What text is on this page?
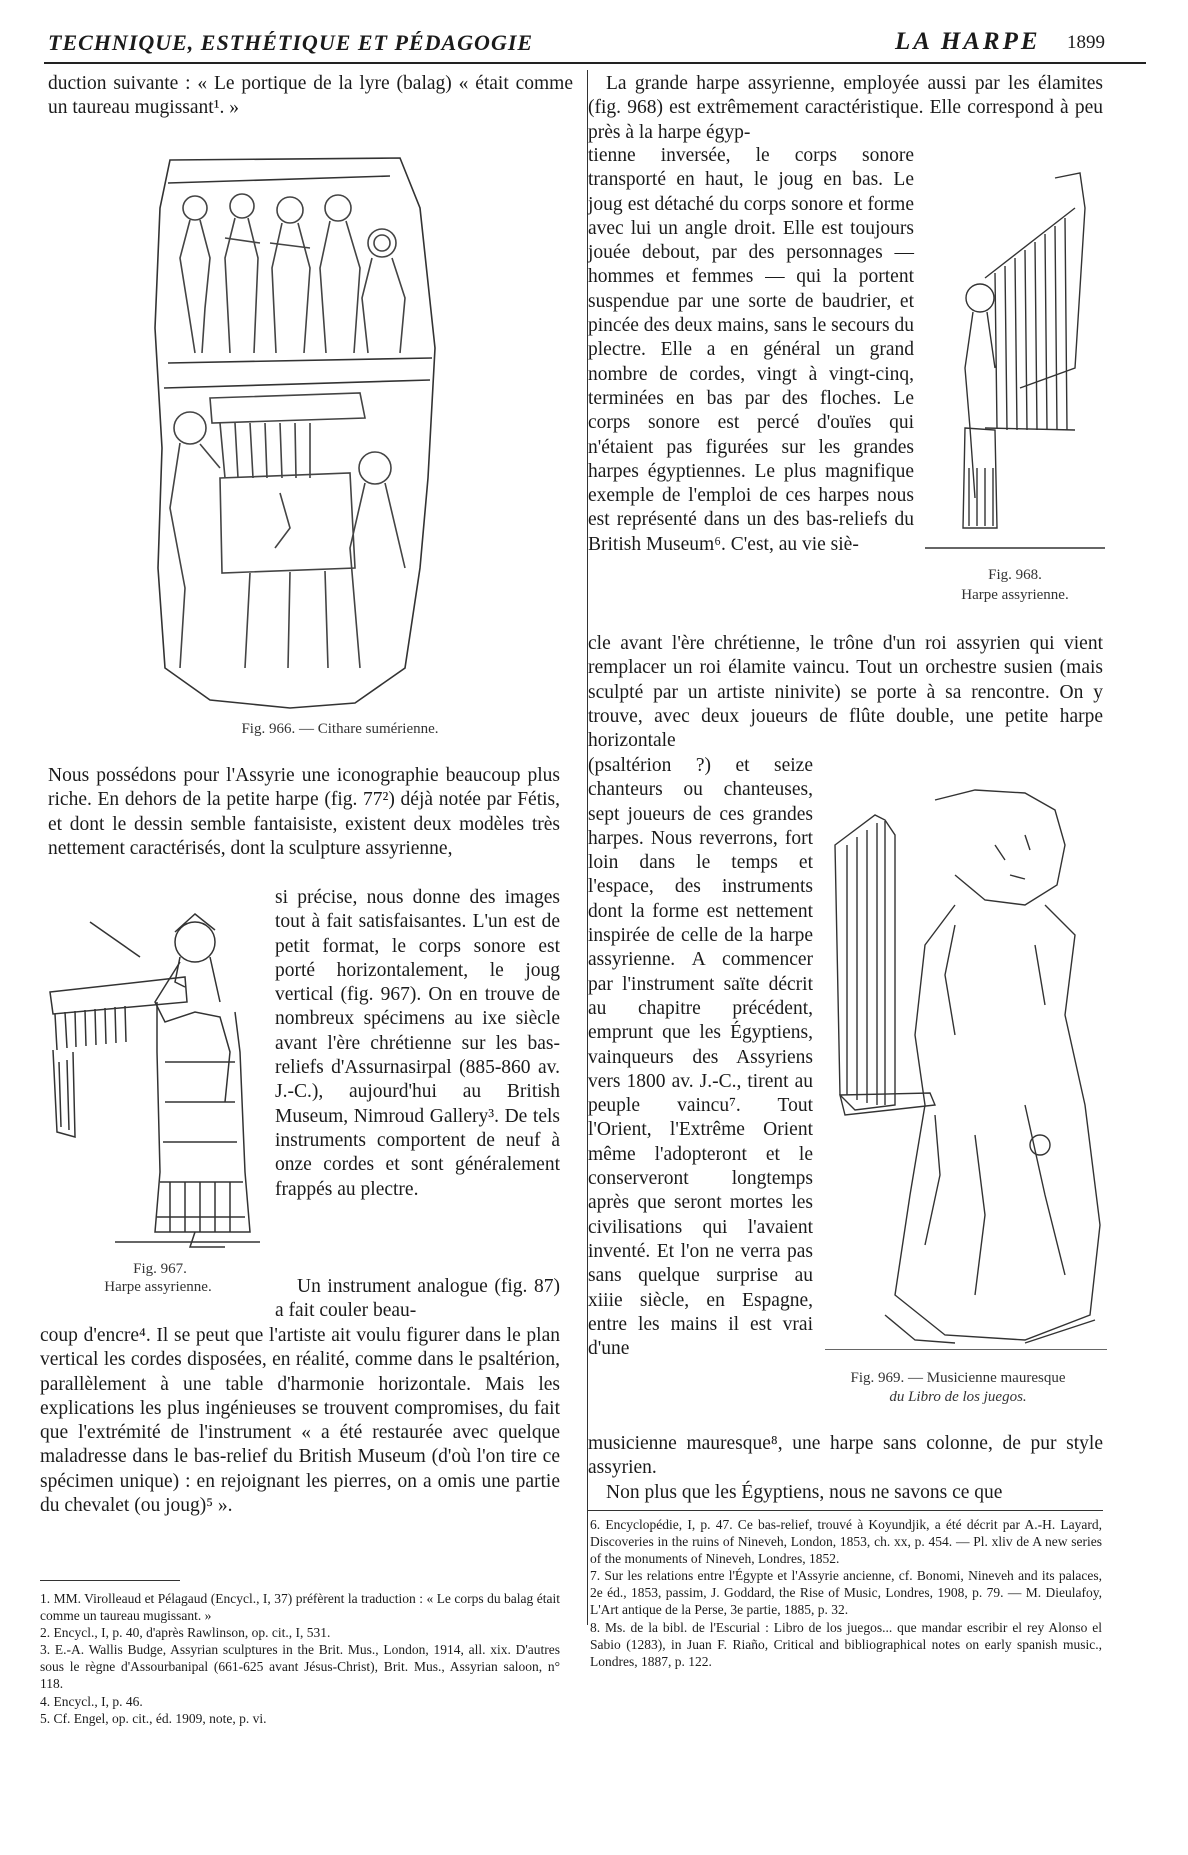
TECHNIQUE, ESTHÉTIQUE ET PÉDAGOGIE	LA HARPE 1899
duction suivante : « Le portique de la lyre (balag) « était comme un taureau mugissant¹. »
Fig. 966. — Cithare sumérienne.
Nous possédons pour l'Assyrie une iconographie beaucoup plus riche. En dehors de la petite harpe (fig. 77²) déjà notée par Fétis, et dont le dessin semble fantaisiste, existent deux modèles très nettement caractérisés, dont la sculpture assyrienne,
Fig. 967.
Harpe assyrienne.
si précise, nous donne des images tout à fait satisfaisantes. L'un est de petit format, le corps sonore est porté horizontalement, le joug vertical (fig. 967). On en trouve de nombreux spécimens au ixe siècle avant l'ère chrétienne sur les bas-reliefs d'Assurnasirpal (885-860 av. J.-C.), aujourd'hui au British Museum, Nimroud Gallery³. De tels instruments comportent de neuf à onze cordes et sont généralement frappés au plectre.
Un instrument analogue (fig. 87) a fait couler beau-
coup d'encre⁴. Il se peut que l'artiste ait voulu figurer dans le plan vertical les cordes disposées, en réalité, comme dans le psaltérion, parallèlement à une table d'harmonie horizontale. Mais les explications les plus ingénieuses se trouvent compromises, du fait que l'extrémité de l'instrument « a été restaurée avec quelque maladresse dans le bas-relief du British Museum (d'où l'on tire ce spécimen unique) : en rejoignant les pierres, on a omis une partie du chevalet (ou joug)⁵ ».
1. MM. Virolleaud et Pélagaud (Encycl., I, 37) préfèrent la traduction : « Le corps du balag était comme un taureau mugissant. »
2. Encycl., I, p. 40, d'après Rawlinson, op. cit., I, 531.
3. E.-A. Wallis Budge, Assyrian sculptures in the Brit. Mus., London, 1914, all. xix. D'autres sous le règne d'Assourbanipal (661-625 avant Jésus-Christ), Brit. Mus., Assyrian saloon, n° 118.
4. Encycl., I, p. 46.
5. Cf. Engel, op. cit., éd. 1909, note, p. vi.
La grande harpe assyrienne, employée aussi par les élamites (fig. 968) est extrêmement caractéristique. Elle correspond à peu près à la harpe égyp-
tienne inversée, le corps sonore transporté en haut, le joug en bas. Le joug est détaché du corps sonore et forme avec lui un angle droit. Elle est toujours jouée debout, par des personnages — hommes et femmes — qui la portent suspendue par une sorte de baudrier, et pincée des deux mains, sans le secours du plectre. Elle a en général un grand nombre de cordes, vingt à vingt-cinq, terminées en bas par des floches. Le corps sonore est percé d'ouïes qui n'étaient pas figurées sur les grandes harpes égyptiennes. Le plus magnifique exemple de l'emploi de ces harpes nous est représenté dans un des bas-reliefs du British Museum⁶. C'est, au vie siè-
Fig. 968.
Harpe assyrienne.
cle avant l'ère chrétienne, le trône d'un roi assyrien qui vient remplacer un roi élamite vaincu. Tout un orchestre susien (mais sculpté par un artiste ninivite) se porte à sa rencontre. On y trouve, avec deux joueurs de flûte double, une petite harpe horizontale
(psaltérion ?) et seize chanteurs ou chanteuses, sept joueurs de ces grandes harpes. Nous reverrons, fort loin dans le temps et l'espace, des instruments dont la forme est nettement inspirée de celle de la harpe assyrienne. A commencer par l'instrument saïte décrit au chapitre précédent, emprunt que les Égyptiens, vainqueurs des Assyriens vers 1800 av. J.-C., tirent au peuple vaincu⁷. Tout l'Orient, l'Extrême Orient même l'adopteront et le conserveront longtemps après que seront mortes les civilisations qui l'avaient inventé. Et l'on ne verra pas sans quelque surprise au xiiie siècle, en Espagne, entre les mains il est vrai d'une
Fig. 969. — Musicienne mauresque
du Libro de los juegos.
musicienne mauresque⁸, une harpe sans colonne, de pur style assyrien.
Non plus que les Égyptiens, nous ne savons ce que
6. Encyclopédie, I, p. 47. Ce bas-relief, trouvé à Koyundjik, a été décrit par A.-H. Layard, Discoveries in the ruins of Nineveh, London, 1853, ch. xx, p. 454. — Pl. xliv de A new series of the monuments of Nineveh, Londres, 1852.
7. Sur les relations entre l'Égypte et l'Assyrie ancienne, cf. Bonomi, Nineveh and its palaces, 2e éd., 1853, passim, J. Goddard, the Rise of Music, Londres, 1908, p. 79. — M. Dieulafoy, L'Art antique de la Perse, 3e partie, 1885, p. 32.
8. Ms. de la bibl. de l'Escurial : Libro de los juegos... que mandar escribir el rey Alonso el Sabio (1283), in Juan F. Riaño, Critical and bibliographical notes on early spanish music., Londres, 1887, p. 122.
